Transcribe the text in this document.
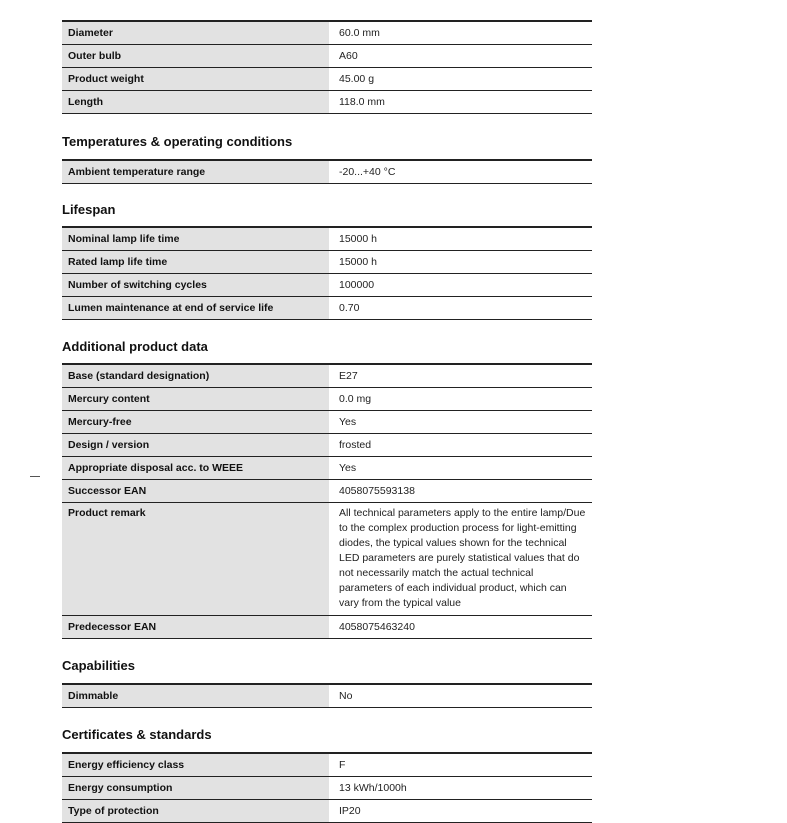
Diameter		60.0 mm
Outer bulb		A60
Product weight		45.00 g
Length		118.0 mm
Temperatures & operating conditions
Ambient temperature range		-20...+40 °C
Lifespan
Nominal lamp life time		15000 h
Rated lamp life time		15000 h
Number of switching cycles		100000
Lumen maintenance at end of service life		0.70
Additional product data
Base (standard designation)		E27
Mercury content		0.0 mg
Mercury-free		Yes
Design / version		frosted
Appropriate disposal acc. to WEEE		Yes
Successor EAN		4058075593138
Product remark		All technical parameters apply to the entire lamp/Due to the complex production process for light-emitting diodes, the typical values shown for the technical LED parameters are purely statistical values that do not necessarily match the actual technical parameters of each individual product, which can vary from the typical value
Predecessor EAN		4058075463240
Capabilities
Dimmable		No
Certificates & standards
Energy efficiency class		F
Energy consumption		13 kWh/1000h
Type of protection		IP20
